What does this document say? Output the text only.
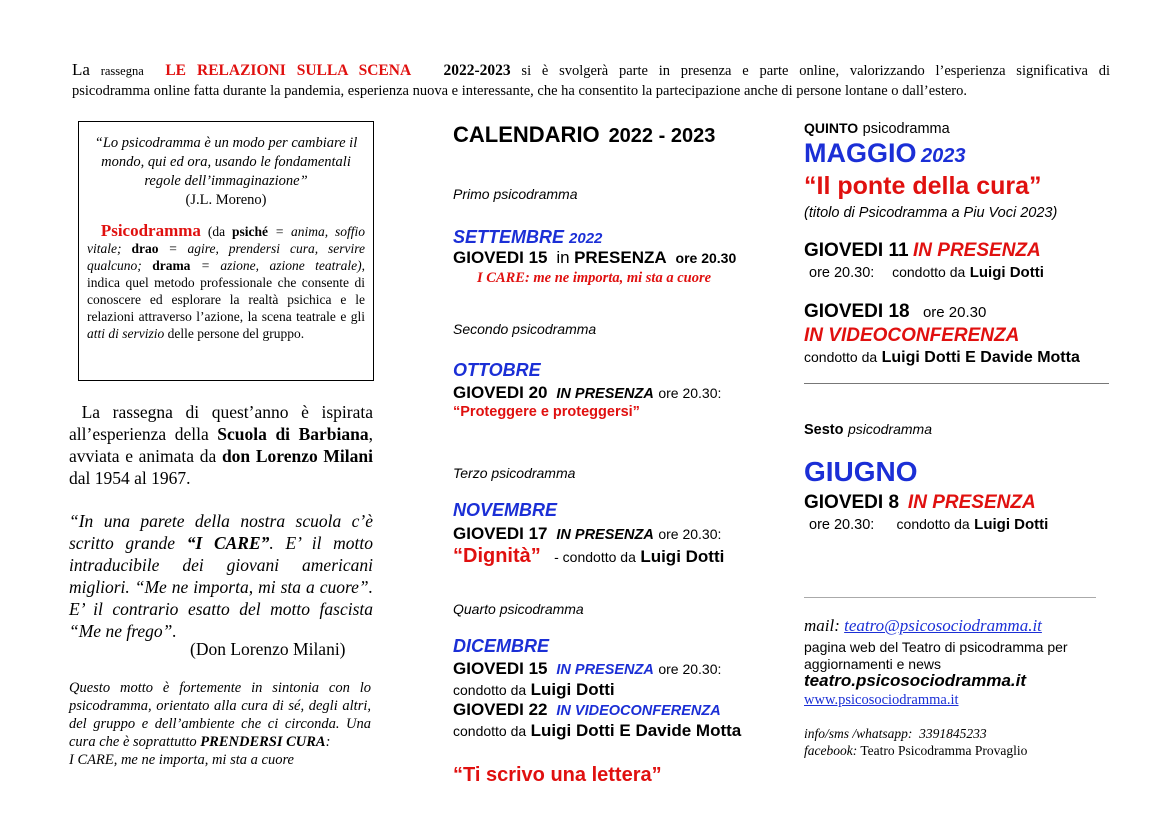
La rassegna LE RELAZIONI SULLA SCENA 2022-2023 si è svolgerà parte in presenza e parte online, valorizzando l’esperienza significativa di
psicodramma online fatta durante la pandemia, esperienza nuova e interessante, che ha consentito la partecipazione anche di persone lontane o dall’estero.
“Lo psicodramma è un modo per cambiare il mondo, qui ed ora, usando le fondamentali regole dell’immaginazione”
(J.L. Moreno)
Psicodramma (da psiché = anima, soffio vitale; drao = agire, prendersi cura, servire qualcuno; drama = azione, azione teatrale), indica quel metodo professionale che consente di conoscere ed esplorare la realtà psichica e le relazioni attraverso l’azione, la scena teatrale e gli atti di servizio delle persone del gruppo.
La rassegna di quest’anno è ispirata all’esperienza della Scuola di Barbiana, avviata e animata da don Lorenzo Milani dal 1954 al 1967.
“In una parete della nostra scuola c’è scritto grande “I CARE”. E’ il motto intraducibile dei giovani americani migliori. “Me ne importa, mi sta a cuore”. E’ il contrario esatto del motto fascista “Me ne frego”.
(Don Lorenzo Milani)
Questo motto è fortemente in sintonia con lo psicodramma, orientato alla cura di sé, degli altri, del gruppo e dell’ambiente che ci circonda. Una cura che è soprattutto PRENDERSI CURA:
I CARE, me ne importa, mi sta a cuore
CALENDARIO 2022 - 2023
Primo psicodramma
SETTEMBRE 2022
GIOVEDI 15 in PRESENZA ore 20.30
I CARE: me ne importa, mi sta a cuore
Secondo psicodramma
OTTOBRE
GIOVEDI 20 IN PRESENZA ore 20.30:
“Proteggere e proteggersi”
Terzo psicodramma
NOVEMBRE
GIOVEDI 17 IN PRESENZA ore 20.30:
“Dignità” - condotto da Luigi Dotti
Quarto psicodramma
DICEMBRE
GIOVEDI 15 IN PRESENZA ore 20.30:
condotto da Luigi Dotti
GIOVEDI 22 IN VIDEOCONFERENZA
condotto da Luigi Dotti E Davide Motta
“Ti scrivo una lettera”
QUINTO psicodramma
MAGGIO 2023
“Il ponte della cura”
(titolo di Psicodramma a Piu Voci 2023)
GIOVEDI 11 IN PRESENZA
ore 20.30: condotto da Luigi Dotti
GIOVEDI 18 ore 20.30
IN VIDEOCONFERENZA
condotto da Luigi Dotti E Davide Motta
Sesto psicodramma
GIUGNO
GIOVEDI 8 IN PRESENZA
ore 20.30: condotto da Luigi Dotti
mail: teatro@psicosociodramma.it
pagina web del Teatro di psicodramma per aggiornamenti e news
teatro.psicosociodramma.it
www.psicosociodramma.it
info/sms /whatsapp: 3391845233
facebook: Teatro Psicodramma Provaglio
